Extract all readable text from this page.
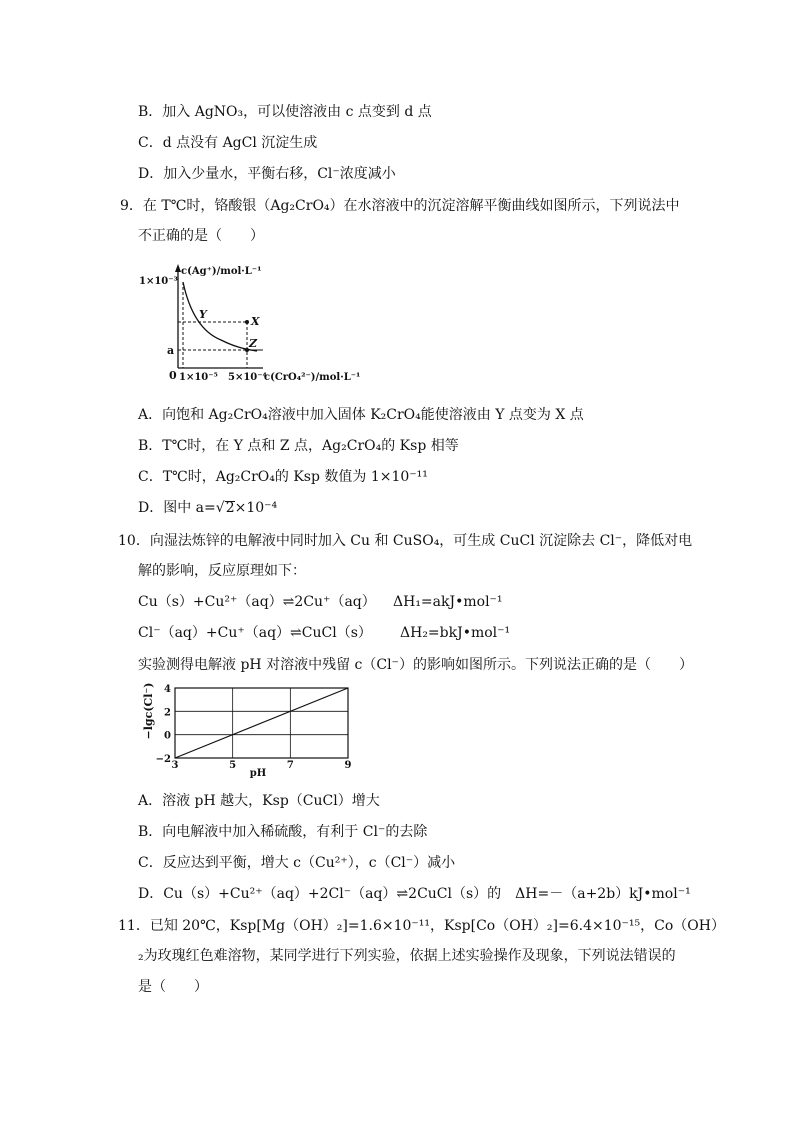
B．加入 AgNO₃，可以使溶液由 c 点变到 d 点
C．d 点没有 AgCl 沉淀生成
D．加入少量水，平衡右移，Cl⁻浓度减小
9．在 T℃时，铬酸银（Ag₂CrO₄）在水溶液中的沉淀溶解平衡曲线如图所示，下列说法中
不正确的是（　　）
c(Ag⁺)/mol·L⁻¹
1×10⁻³
a
0 1×10⁻⁵ 5×10⁻⁴
c(CrO₄²⁻)/mol·L⁻¹
Y
X
Z
A．向饱和 Ag₂CrO₄溶液中加入固体 K₂CrO₄能使溶液由 Y 点变为 X 点
B．T℃时，在 Y 点和 Z 点，Ag₂CrO₄的 Ksp 相等
C．T℃时，Ag₂CrO₄的 Ksp 数值为 1×10⁻¹¹
D．图中 a=√2×10⁻⁴
10．向湿法炼锌的电解液中同时加入 Cu 和 CuSO₄，可生成 CuCl 沉淀除去 Cl⁻，降低对电
解的影响，反应原理如下：
Cu（s）+Cu²⁺（aq）⇌2Cu⁺（aq） ΔH₁=akJ•mol⁻¹
Cl⁻（aq）+Cu⁺（aq）⇌CuCl（s） ΔH₂=bkJ•mol⁻¹
实验测得电解液 pH 对溶液中残留 c（Cl⁻）的影响如图所示。下列说法正确的是（　　）
−lgc(Cl⁻)
pH
3	5	7	9
4
2
0
−2
A．溶液 pH 越大，Ksp（CuCl）增大
B．向电解液中加入稀硫酸，有利于 Cl⁻的去除
C．反应达到平衡，增大 c（Cu²⁺），c（Cl⁻）减小
D．Cu（s）+Cu²⁺（aq）+2Cl⁻（aq）⇌2CuCl（s）的　ΔH=－（a+2b）kJ•mol⁻¹
11．已知 20℃，Ksp[Mg（OH）₂]=1.6×10⁻¹¹，Ksp[Co（OH）₂]=6.4×10⁻¹⁵，Co（OH）
₂为玫瑰红色难溶物，某同学进行下列实验，依据上述实验操作及现象，下列说法错误的
是（　　）
